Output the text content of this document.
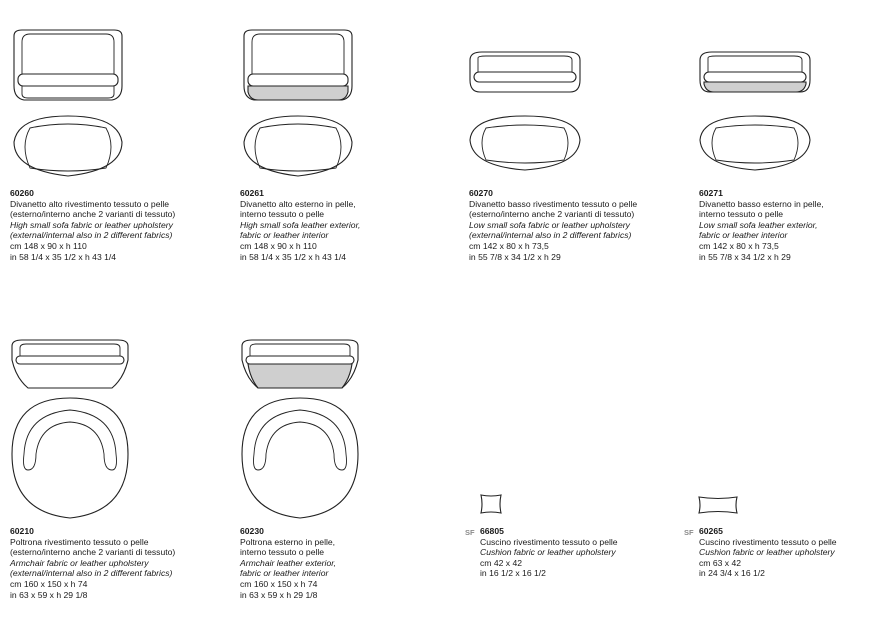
60260
Divanetto alto rivestimento tessuto o pelle
(esterno/interno anche 2 varianti di tessuto)
High small sofa fabric or leather upholstery
(external/internal also in 2 different fabrics)
cm 148 x 90 x h 110
in 58 1/4 x 35 1/2 x h 43 1/4
60261
Divanetto alto esterno in pelle,
interno tessuto o pelle
High small sofa leather exterior,
fabric or leather interior
cm 148 x 90 x h 110
in 58 1/4 x 35 1/2 x h 43 1/4
60270
Divanetto basso rivestimento tessuto o pelle
(esterno/interno anche 2 varianti di tessuto)
Low small sofa fabric or leather upholstery
(external/internal also in 2 different fabrics)
cm 142 x 80 x h 73,5
in 55 7/8 x 34 1/2 x h 29
60271
Divanetto basso esterno in pelle,
interno tessuto o pelle
Low small sofa leather exterior,
fabric or leather interior
cm 142 x 80 x h 73,5
in 55 7/8 x 34 1/2 x h 29
60210
Poltrona rivestimento tessuto o pelle
(esterno/interno anche 2 varianti di tessuto)
Armchair fabric or leather upholstery
(external/internal also in 2 different fabrics)
cm 160 x 150 x h 74
in 63 x 59 x h 29 1/8
60230
Poltrona esterno in pelle,
interno tessuto o pelle
Armchair leather exterior,
fabric or leather interior
cm 160 x 150 x h 74
in 63 x 59 x h 29 1/8
SF 66805
Cuscino rivestimento tessuto o pelle
Cushion fabric or leather upholstery
cm 42 x 42
in 16 1/2 x 16 1/2
SF 60265
Cuscino rivestimento tessuto o pelle
Cushion fabric or leather upholstery
cm 63 x 42
in 24 3/4 x 16 1/2
